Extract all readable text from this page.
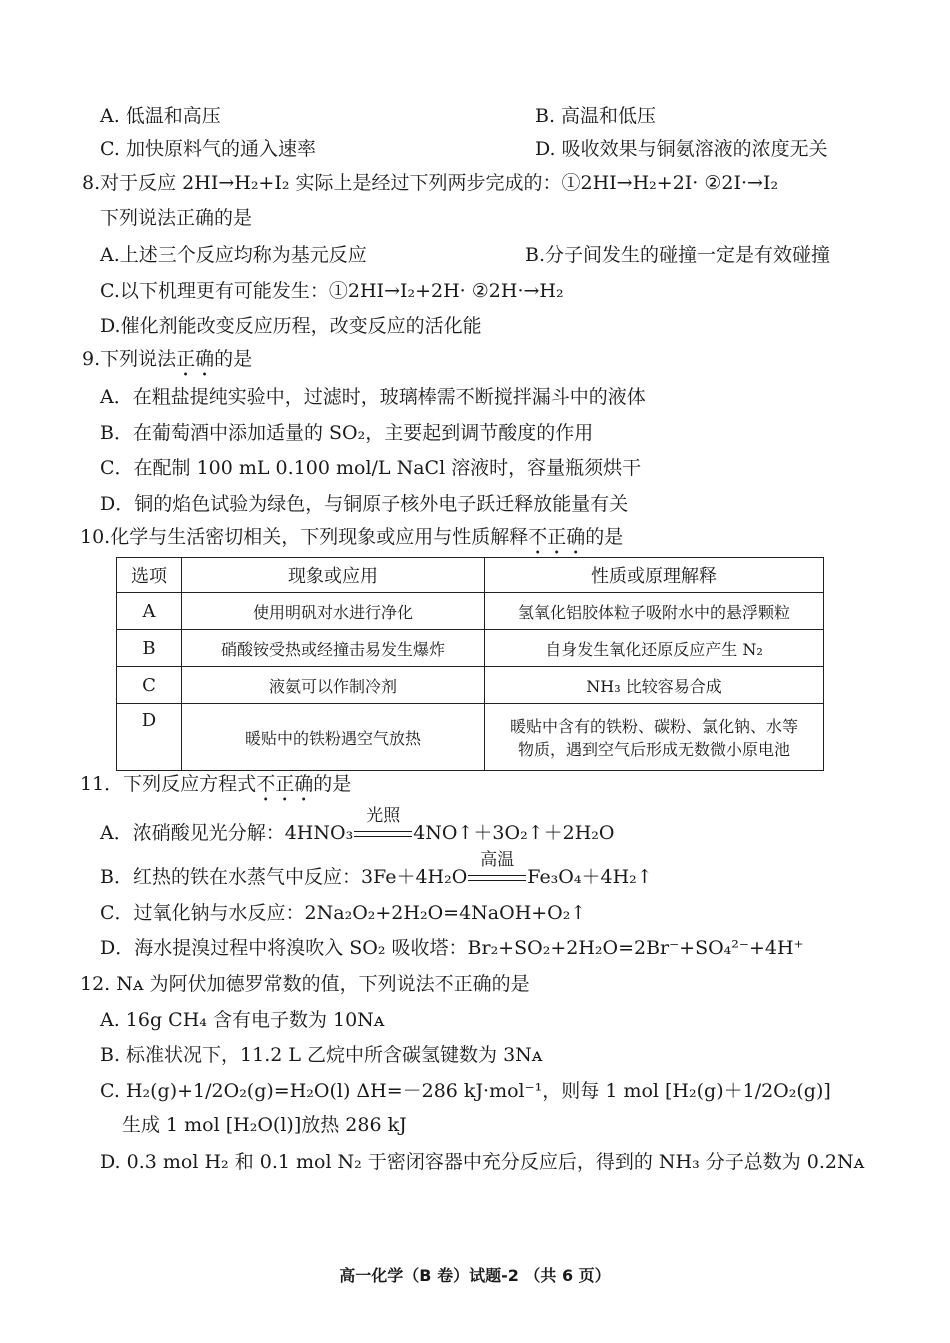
A. 低温和高压	B. 高温和低压
C. 加快原料气的通入速率	D. 吸收效果与铜氨溶液的浓度无关
8.对于反应 2HI→H₂+I₂ 实际上是经过下列两步完成的：①2HI→H₂+2I· ②2I·→I₂
下列说法正确的是
A.上述三个反应均称为基元反应	B.分子间发生的碰撞一定是有效碰撞
C.以下机理更有可能发生：①2HI→I₂+2H· ②2H·→H₂
D.催化剂能改变反应历程，改变反应的活化能
9.下列说法正确的是
A．在粗盐提纯实验中，过滤时，玻璃棒需不断搅拌漏斗中的液体
B．在葡萄酒中添加适量的 SO₂，主要起到调节酸度的作用
C．在配制 100 mL 0.100 mol/L NaCl 溶液时，容量瓶须烘干
D．铜的焰色试验为绿色，与铜原子核外电子跃迁释放能量有关
10.化学与生活密切相关，下列现象或应用与性质解释不正确的是
选项	现象或应用	性质或原理解释
A	使用明矾对水进行净化	氢氧化铝胶体粒子吸附水中的悬浮颗粒
B	硝酸铵受热或经撞击易发生爆炸	自身发生氧化还原反应产生 N₂
C	液氨可以作制冷剂	NH₃ 比较容易合成
D	暖贴中的铁粉遇空气放热	暖贴中含有的铁粉、碳粉、氯化钠、水等
物质，遇到空气后形成无数微小原电池
11．下列反应方程式不正确的是
A．浓硝酸见光分解：4HNO₃
光照
4NO↑＋3O₂↑＋2H₂O
B．红热的铁在水蒸气中反应：3Fe＋4H₂O
高温
Fe₃O₄＋4H₂↑
C．过氧化钠与水反应：2Na₂O₂+2H₂O=4NaOH+O₂↑
D．海水提溴过程中将溴吹入 SO₂ 吸收塔：Br₂+SO₂+2H₂O=2Br⁻+SO₄²⁻+4H⁺
12. Nᴀ 为阿伏加德罗常数的值，下列说法不正确的是
A. 16g CH₄ 含有电子数为 10Nᴀ
B. 标准状况下，11.2 L 乙烷中所含碳氢键数为 3Nᴀ
C. H₂(g)+1/2O₂(g)=H₂O(l) ΔH=－286 kJ·mol⁻¹，则每 1 mol [H₂(g)＋1/2O₂(g)]
生成 1 mol [H₂O(l)]放热 286 kJ
D. 0.3 mol H₂ 和 0.1 mol N₂ 于密闭容器中充分反应后，得到的 NH₃ 分子总数为 0.2Nᴀ
高一化学（B 卷）试题-2 （共 6 页）
